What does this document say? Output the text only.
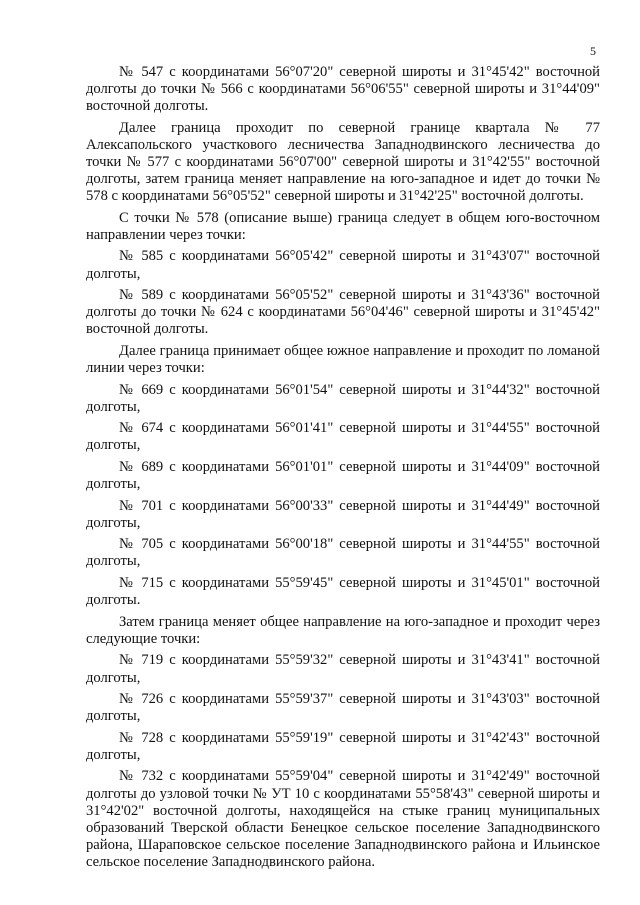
5

№ 547 с координатами 56°07'20" северной широты и 31°45'42" восточной долготы до точки № 566 с координатами 56°06'55" северной широты и 31°44'09" восточной долготы.

Далее граница проходит по северной границе квартала № 77 Алексапольского участкового лесничества Западнодвинского лесничества до точки № 577 с координатами 56°07'00" северной широты и 31°42'55" восточной долготы, затем граница меняет направление на юго-западное и идет до точки № 578 с координатами 56°05'52" северной широты и 31°42'25" восточной долготы.

С точки № 578 (описание выше) граница следует в общем юго-восточном направлении через точки:

№ 585 с координатами 56°05'42" северной широты и 31°43'07" восточной долготы,

№ 589 с координатами 56°05'52" северной широты и 31°43'36" восточной долготы до точки № 624 с координатами 56°04'46" северной широты и 31°45'42" восточной долготы.

Далее граница принимает общее южное направление и проходит по ломаной линии через точки:

№ 669 с координатами 56°01'54" северной широты и 31°44'32" восточной долготы,

№ 674 с координатами 56°01'41" северной широты и 31°44'55" восточной долготы,

№ 689 с координатами 56°01'01" северной широты и 31°44'09" восточной долготы,

№ 701 с координатами 56°00'33" северной широты и 31°44'49" восточной долготы,

№ 705 с координатами 56°00'18" северной широты и 31°44'55" восточной долготы,

№ 715 с координатами 55°59'45" северной широты и 31°45'01" восточной долготы.

Затем граница меняет общее направление на юго-западное и проходит через следующие точки:

№ 719 с координатами 55°59'32" северной широты и 31°43'41" восточной долготы,

№ 726 с координатами 55°59'37" северной широты и 31°43'03" восточной долготы,

№ 728 с координатами 55°59'19" северной широты и 31°42'43" восточной долготы,

№ 732 с координатами 55°59'04" северной широты и 31°42'49" восточной долготы до узловой точки № УТ 10 с координатами 55°58'43" северной широты и 31°42'02" восточной долготы, находящейся на стыке границ муниципальных образований Тверской области Бенецкое сельское поселение Западнодвинского района, Шараповское сельское поселение Западнодвинского района и Ильинское сельское поселение Западнодвинского района.
